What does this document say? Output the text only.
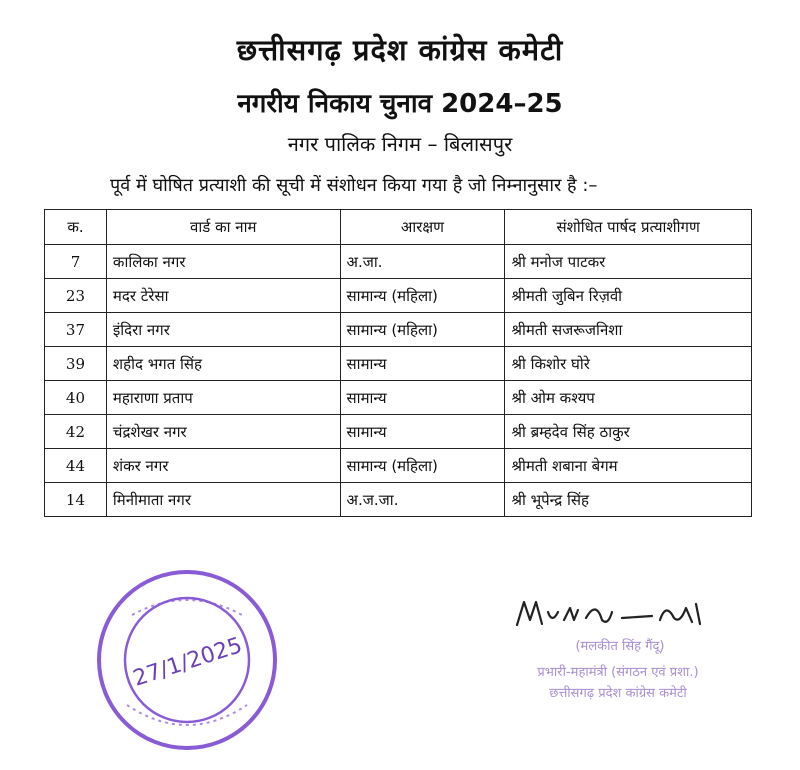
छत्तीसगढ़ प्रदेश कांग्रेस कमेटी
नगरीय निकाय चुनाव 2024–25
नगर पालिक निगम – बिलासपुर
पूर्व में घोषित प्रत्याशी की सूची में संशोधन किया गया है जो निम्नानुसार है :–
क.	वार्ड का नाम	आरक्षण	संशोधित पार्षद प्रत्याशीगण
7	कालिका नगर	अ.जा.	श्री मनोज पाटकर
23	मदर टेरेसा	सामान्य (महिला)	श्रीमती जुबिन रिज़वी
37	इंदिरा नगर	सामान्य (महिला)	श्रीमती सजरूजनिशा
39	शहीद भगत सिंह	सामान्य	श्री किशोर घोरे
40	महाराणा प्रताप	सामान्य	श्री ओम कश्यप
42	चंद्रशेखर नगर	सामान्य	श्री ब्रम्हदेव सिंह ठाकुर
44	शंकर नगर	सामान्य (महिला)	श्रीमती शबाना बेगम
14	मिनीमाता नगर	अ.ज.जा.	श्री भूपेन्द्र सिंह
27/1/2025	(मलकीत सिंह गैंदू)
प्रभारी-महामंत्री (संगठन एवं प्रशा.)
छत्तीसगढ़ प्रदेश कांग्रेस कमेटी
